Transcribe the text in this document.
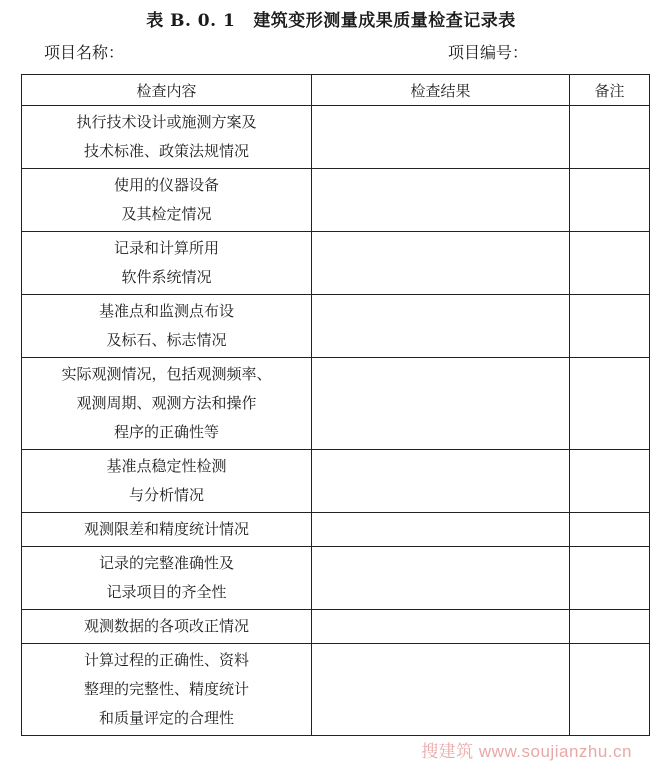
表 B. 0. 1 建筑变形测量成果质量检查记录表
项目名称：	项目编号：
检查内容	检查结果	备注

执行技术设计或施测方案及
技术标准、政策法规情况		

使用的仪器设备
及其检定情况		

记录和计算所用
软件系统情况		

基准点和监测点布设
及标石、标志情况		

实际观测情况，包括观测频率、
观测周期、观测方法和操作
程序的正确性等		

基准点稳定性检测
与分析情况		

观测限差和精度统计情况		

记录的完整准确性及
记录项目的齐全性		

观测数据的各项改正情况		

计算过程的正确性、资料
整理的完整性、精度统计
和质量评定的合理性		

搜建筑 www.soujianzhu.cn
